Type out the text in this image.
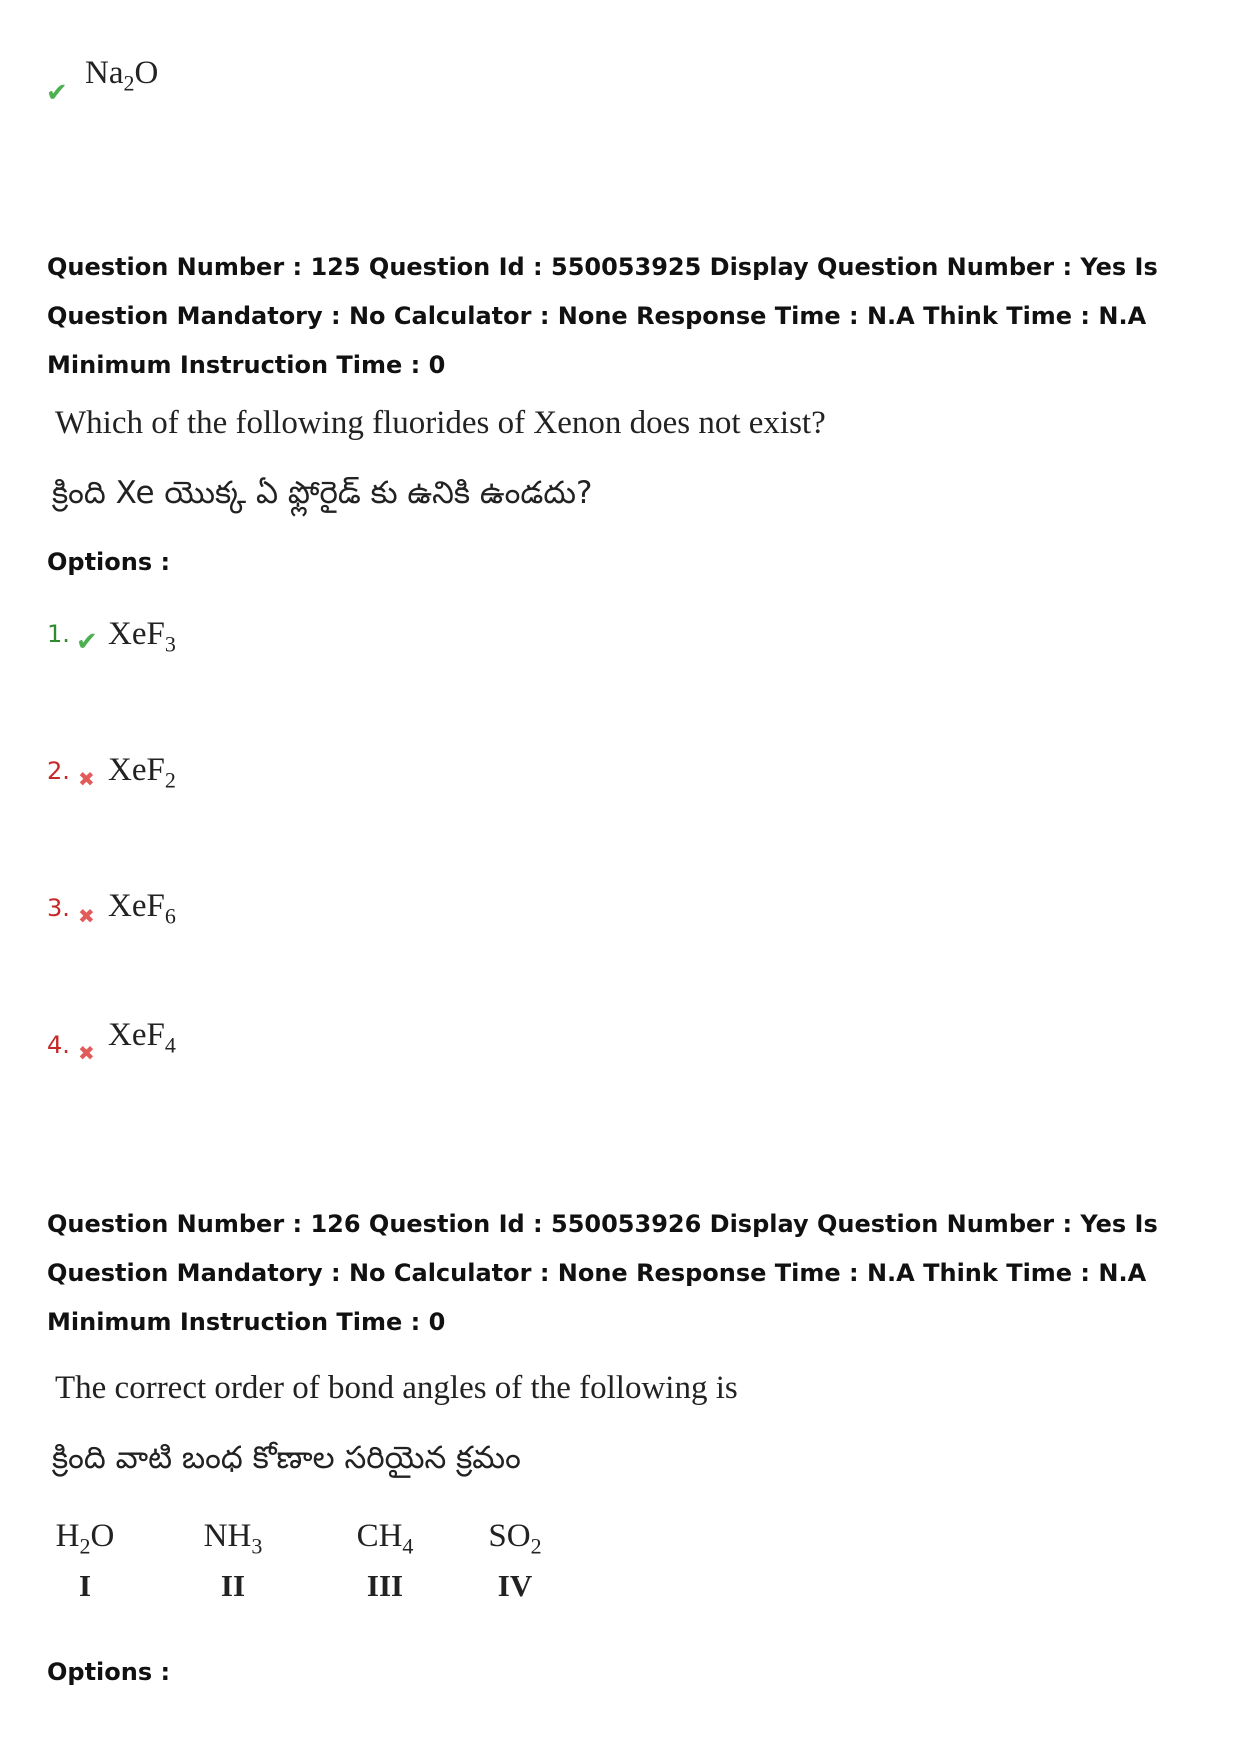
✔
$Na_2O$
Question Number : 125 Question Id : 550053925 Display Question Number : Yes Is Question Mandatory : No Calculator : None Response Time : N.A Think Time : N.A Minimum Instruction Time : 0
Which of the following fluorides of Xenon does not exist?
క్రింది Xe యొక్క ఏ ఫ్లోరైడ్ కు ఉనికి ఉండదు?
Options :
1. ✔ XeF$_3$
2. ✖ XeF$_2$
3. ✖ XeF$_6$
4. ✖ XeF$_4$
Question Number : 126 Question Id : 550053926 Display Question Number : Yes Is Question Mandatory : No Calculator : None Response Time : N.A Think Time : N.A Minimum Instruction Time : 0
The correct order of bond angles of the following is
క్రింది వాటి బంధ కోణాల సరియైన క్రమం
$H_2O$
I
$NH_3$
II
$CH_4$
III
$SO_2$
IV
Options :
